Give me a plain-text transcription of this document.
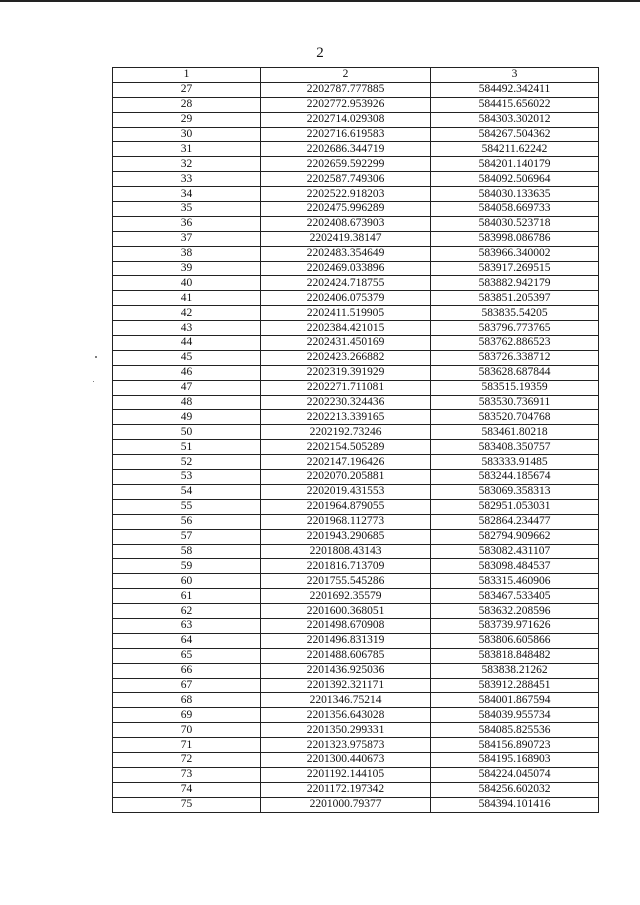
2
1	2	3
27	2202787.777885	584492.342411
28	2202772.953926	584415.656022
29	2202714.029308	584303.302012
30	2202716.619583	584267.504362
31	2202686.344719	584211.62242
32	2202659.592299	584201.140179
33	2202587.749306	584092.506964
34	2202522.918203	584030.133635
35	2202475.996289	584058.669733
36	2202408.673903	584030.523718
37	2202419.38147	583998.086786
38	2202483.354649	583966.340002
39	2202469.033896	583917.269515
40	2202424.718755	583882.942179
41	2202406.075379	583851.205397
42	2202411.519905	583835.54205
43	2202384.421015	583796.773765
44	2202431.450169	583762.886523
45	2202423.266882	583726.338712
46	2202319.391929	583628.687844
47	2202271.711081	583515.19359
48	2202230.324436	583530.736911
49	2202213.339165	583520.704768
50	2202192.73246	583461.80218
51	2202154.505289	583408.350757
52	2202147.196426	583333.91485
53	2202070.205881	583244.185674
54	2202019.431553	583069.358313
55	2201964.879055	582951.053031
56	2201968.112773	582864.234477
57	2201943.290685	582794.909662
58	2201808.43143	583082.431107
59	2201816.713709	583098.484537
60	2201755.545286	583315.460906
61	2201692.35579	583467.533405
62	2201600.368051	583632.208596
63	2201498.670908	583739.971626
64	2201496.831319	583806.605866
65	2201488.606785	583818.848482
66	2201436.925036	583838.21262
67	2201392.321171	583912.288451
68	2201346.75214	584001.867594
69	2201356.643028	584039.955734
70	2201350.299331	584085.825536
71	2201323.975873	584156.890723
72	2201300.440673	584195.168903
73	2201192.144105	584224.045074
74	2201172.197342	584256.602032
75	2201000.79377	584394.101416
